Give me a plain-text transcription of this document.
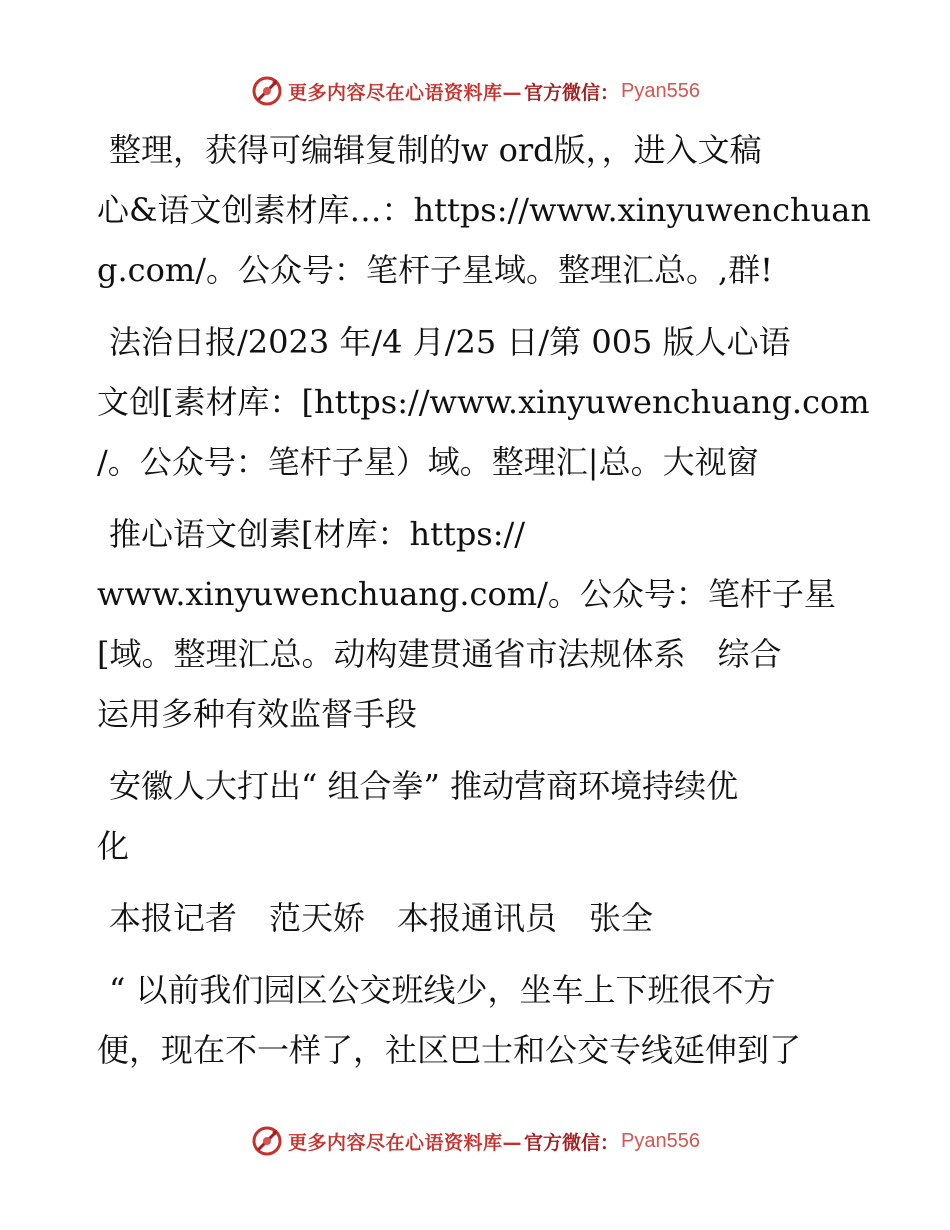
更多内容尽在心语资料库— 官方微信： Pyan556

整理，获得可编辑复制的w ord版，，进入文稿
心&语文创素材库…：https://www.xinyuwenchuan
g.com/。公众号：笔杆子星域。整理汇总。,群!

法治日报/2023 年/4 月/25 日/第 005 版人心语
文创[素材库：[https://www.xinyuwenchuang.com
/。公众号：笔杆子星）域。整理汇|总。大视窗

推心语文创素[材库：https://
www.xinyuwenchuang.com/。公众号：笔杆子星
[域。整理汇总。动构建贯通省市法规体系　综合
运用多种有效监督手段

安徽人大打出“ 组合拳” 推动营商环境持续优
化

本报记者　范天娇　本报通讯员　张全

“ 以前我们园区公交班线少，坐车上下班很不方
便，现在不一样了，社区巴士和公交专线延伸到了

更多内容尽在心语资料库— 官方微信： Pyan556
